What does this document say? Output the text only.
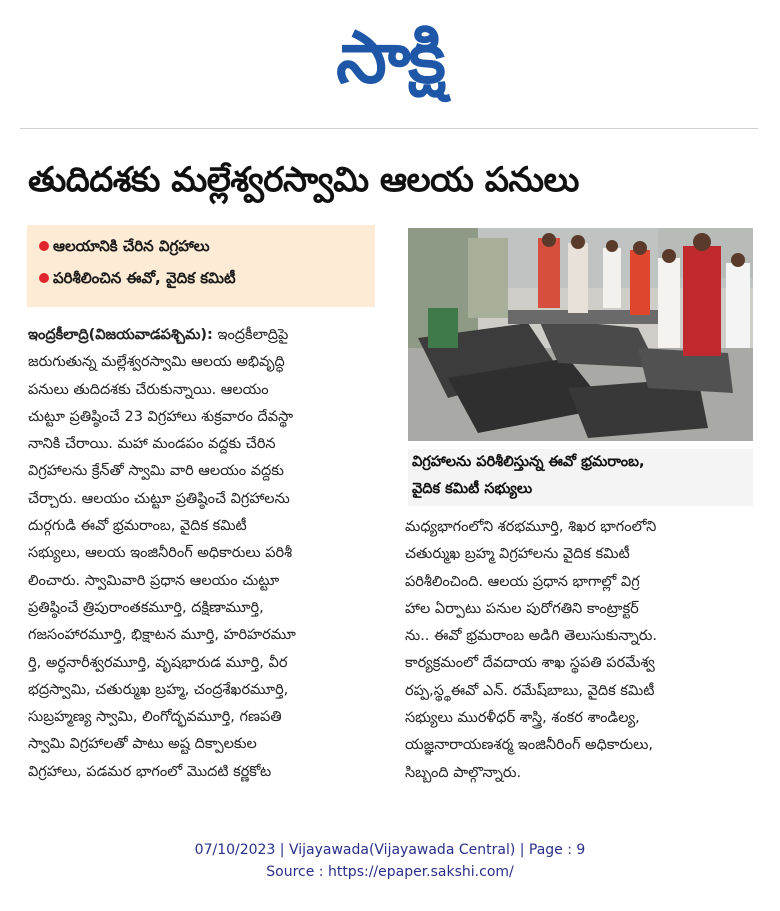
సాక్షి
తుదిదశకు మల్లేశ్వరస్వామి ఆలయ పనులు
ఆలయానికి చేరిన విగ్రహాలు
పరిశీలించిన ఈవో, వైదిక కమిటీ
ఇంద్రకీలాద్రి(విజయవాడపశ్చిమ): ఇంద్రకీలాద్రిపై
జరుగుతున్న మల్లేశ్వరస్వామి ఆలయ అభివృద్ధి
పనులు తుదిదశకు చేరుకున్నాయి. ఆలయం
చుట్టూ ప్రతిష్ఠించే 23 విగ్రహాలు శుక్రవారం దేవస్థా
నానికి చేరాయి. మహా మండపం వద్దకు చేరిన
విగ్రహాలను క్రేన్‌తో స్వామి వారి ఆలయం వద్దకు
చేర్చారు. ఆలయం చుట్టూ ప్రతిష్ఠించే విగ్రహాలను
దుర్గగుడి ఈవో భ్రమరాంబ, వైదిక కమిటీ
సభ్యులు, ఆలయ ఇంజినీరింగ్ అధికారులు పరిశీ
లించారు. స్వామివారి ప్రధాన ఆలయం చుట్టూ
ప్రతిష్ఠించే త్రిపురాంతకమూర్తి, దక్షిణామూర్తి,
గజసంహారమూర్తి, భిక్షాటన మూర్తి, హరిహరమూ
ర్తి, అర్ధనారీశ్వరమూర్తి, వృషభారుడ మూర్తి, వీర
భద్రస్వామి, చతుర్ముఖ బ్రహ్మ, చంద్రశేఖరమూర్తి,
సుబ్రహ్మణ్య స్వామి, లింగోద్భవమూర్తి, గణపతి
స్వామి విగ్రహాలతో పాటు అష్ట దిక్పాలకుల
విగ్రహాలు, పడమర భాగంలో మొదటి కర్ణకోట
విగ్రహాలను పరిశీలిస్తున్న ఈవో భ్రమరాంబ,
వైదిక కమిటీ సభ్యులు
మధ్యభాగంలోని శరభమూర్తి, శిఖర భాగంలోని
చతుర్ముఖ బ్రహ్మ విగ్రహాలను వైదిక కమిటీ
పరిశీలించింది. ఆలయ ప్రధాన భాగాల్లో విగ్ర
హాల ఏర్పాటు పనుల పురోగతిని కాంట్రాక్టర్
ను.. ఈవో భ్రమరాంబ అడిగి తెలుసుకున్నారు.
కార్యక్రమంలో దేవదాయ శాఖ స్థపతి పరమేశ్వ
రప్ప,స్థ్థఈవో ఎన్. రమేష్‌బాబు, వైదిక కమిటీ
సభ్యులు మురళీధర్ శాస్త్రి, శంకర శాండిల్య,
యజ్ఞనారాయణశర్మ ఇంజినీరింగ్ అధికారులు,
సిబ్బంది పాల్గొన్నారు.
07/10/2023 | Vijayawada(Vijayawada Central) | Page : 9
Source : https://epaper.sakshi.com/
